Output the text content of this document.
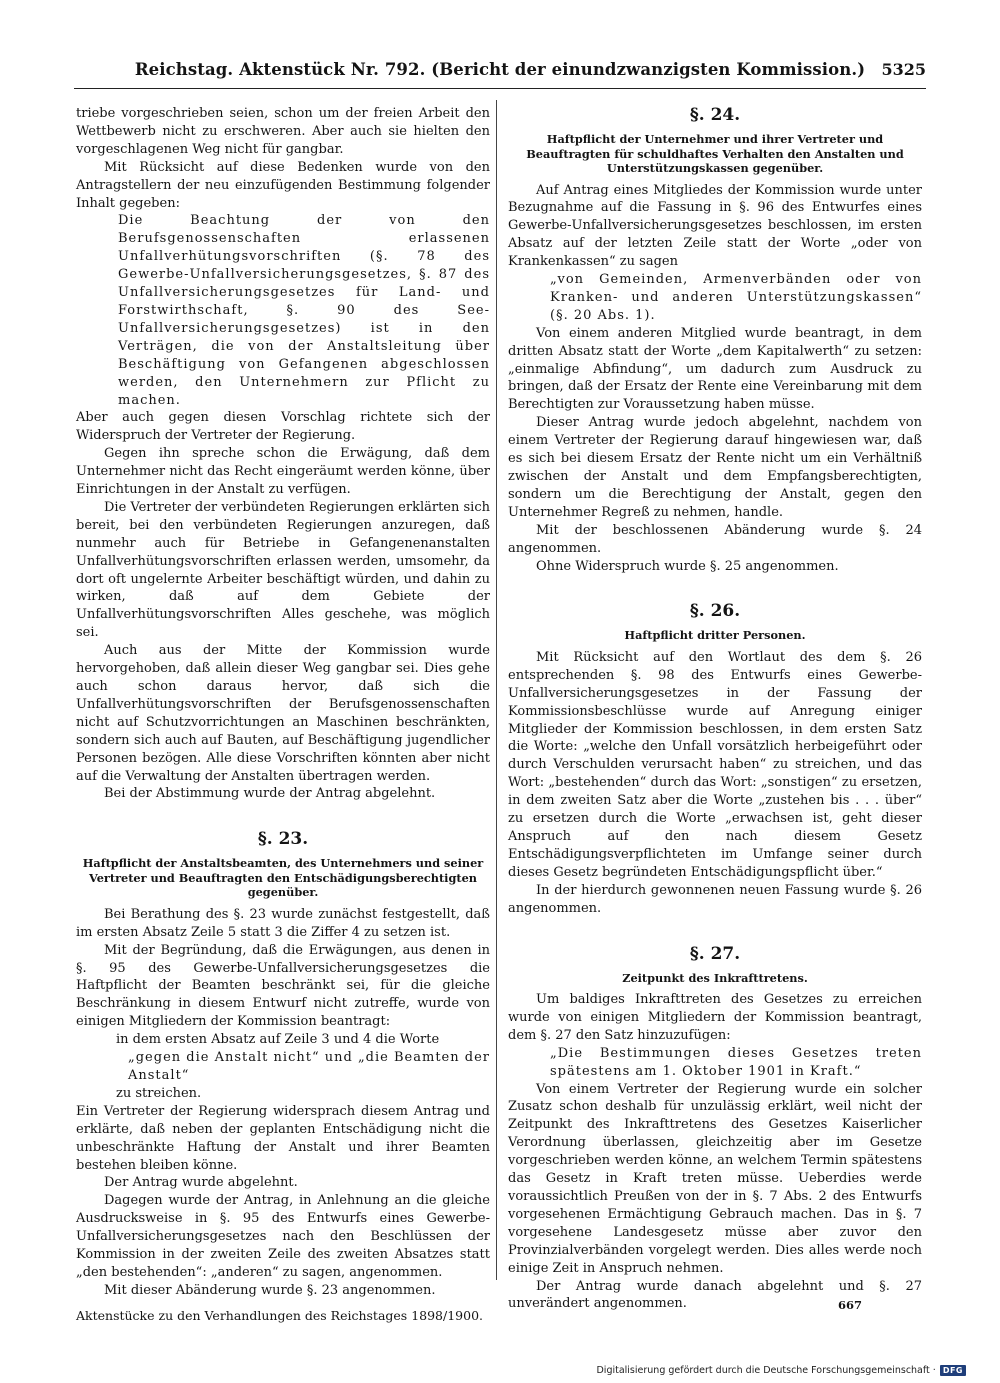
Reichstag. Aktenstück Nr. 792. (Bericht der einundzwanzigsten Kommission.)	5325

triebe vorgeschrieben seien, schon um der freien Arbeit den Wettbewerb nicht zu erschweren. Aber auch sie hielten den vorgeschlagenen Weg nicht für gangbar.

Mit Rücksicht auf diese Bedenken wurde von den Antragstellern der neu einzufügenden Bestimmung folgender Inhalt gegeben:

Die Beachtung der von den Berufsgenossenschaften erlassenen Unfallverhütungsvorschriften (§. 78 des Gewerbe-Unfallversicherungsgesetzes, §. 87 des Unfallversicherungsgesetzes für Land- und Forstwirthschaft, §. 90 des See-Unfallversicherungsgesetzes) ist in den Verträgen, die von der Anstaltsleitung über Beschäftigung von Gefangenen abgeschlossen werden, den Unternehmern zur Pflicht zu machen.

Aber auch gegen diesen Vorschlag richtete sich der Widerspruch der Vertreter der Regierung.

Gegen ihn spreche schon die Erwägung, daß dem Unternehmer nicht das Recht eingeräumt werden könne, über Einrichtungen in der Anstalt zu verfügen.

Die Vertreter der verbündeten Regierungen erklärten sich bereit, bei den verbündeten Regierungen anzuregen, daß nunmehr auch für Betriebe in Gefangenenanstalten Unfallverhütungsvorschriften erlassen werden, umsomehr, da dort oft ungelernte Arbeiter beschäftigt würden, und dahin zu wirken, daß auf dem Gebiete der Unfallverhütungsvorschriften Alles geschehe, was möglich sei.

Auch aus der Mitte der Kommission wurde hervorgehoben, daß allein dieser Weg gangbar sei. Dies gehe auch schon daraus hervor, daß sich die Unfallverhütungsvorschriften der Berufsgenossenschaften nicht auf Schutzvorrichtungen an Maschinen beschränkten, sondern sich auch auf Bauten, auf Beschäftigung jugendlicher Personen bezögen. Alle diese Vorschriften könnten aber nicht auf die Verwaltung der Anstalten übertragen werden.

Bei der Abstimmung wurde der Antrag abgelehnt.

§. 23.
Haftpflicht der Anstaltsbeamten, des Unternehmers und seiner Vertreter und Beauftragten den Entschädigungsberechtigten gegenüber.

Bei Berathung des §. 23 wurde zunächst festgestellt, daß im ersten Absatz Zeile 5 statt 3 die Ziffer 4 zu setzen ist.

Mit der Begründung, daß die Erwägungen, aus denen in §. 95 des Gewerbe-Unfallversicherungsgesetzes die Haftpflicht der Beamten beschränkt sei, für die gleiche Beschränkung in diesem Entwurf nicht zutreffe, wurde von einigen Mitgliedern der Kommission beantragt:

in dem ersten Absatz auf Zeile 3 und 4 die Worte

„gegen die Anstalt nicht“ und „die Beamten der Anstalt“

zu streichen.

Ein Vertreter der Regierung widersprach diesem Antrag und erklärte, daß neben der geplanten Entschädigung nicht die unbeschränkte Haftung der Anstalt und ihrer Beamten bestehen bleiben könne.

Der Antrag wurde abgelehnt.

Dagegen wurde der Antrag, in Anlehnung an die gleiche Ausdrucksweise in §. 95 des Entwurfs eines Gewerbe-Unfallversicherungsgesetzes nach den Beschlüssen der Kommission in der zweiten Zeile des zweiten Absatzes statt „den bestehenden“: „anderen“ zu sagen, angenommen.

Mit dieser Abänderung wurde §. 23 angenommen.

Aktenstücke zu den Verhandlungen des Reichstages 1898/1900.
§. 24.
Haftpflicht der Unternehmer und ihrer Vertreter und Beauftragten für schuldhaftes Verhalten den Anstalten und Unterstützungskassen gegenüber.

Auf Antrag eines Mitgliedes der Kommission wurde unter Bezugnahme auf die Fassung in §. 96 des Entwurfes eines Gewerbe-Unfallversicherungsgesetzes beschlossen, im ersten Absatz auf der letzten Zeile statt der Worte „oder von Krankenkassen“ zu sagen

„von Gemeinden, Armenverbänden oder von Kranken- und anderen Unterstützungskassen“ (§. 20 Abs. 1).

Von einem anderen Mitglied wurde beantragt, in dem dritten Absatz statt der Worte „dem Kapitalwerth“ zu setzen: „einmalige Abfindung“, um dadurch zum Ausdruck zu bringen, daß der Ersatz der Rente eine Vereinbarung mit dem Berechtigten zur Voraussetzung haben müsse.

Dieser Antrag wurde jedoch abgelehnt, nachdem von einem Vertreter der Regierung darauf hingewiesen war, daß es sich bei diesem Ersatz der Rente nicht um ein Verhältniß zwischen der Anstalt und dem Empfangsberechtigten, sondern um die Berechtigung der Anstalt, gegen den Unternehmer Regreß zu nehmen, handle.

Mit der beschlossenen Abänderung wurde §. 24 angenommen.

Ohne Widerspruch wurde §. 25 angenommen.

§. 26.
Haftpflicht dritter Personen.

Mit Rücksicht auf den Wortlaut des dem §. 26 entsprechenden §. 98 des Entwurfs eines Gewerbe-Unfallversicherungsgesetzes in der Fassung der Kommissionsbeschlüsse wurde auf Anregung einiger Mitglieder der Kommission beschlossen, in dem ersten Satz die Worte: „welche den Unfall vorsätzlich herbeigeführt oder durch Verschulden verursacht haben“ zu streichen, und das Wort: „bestehenden“ durch das Wort: „sonstigen“ zu ersetzen, in dem zweiten Satz aber die Worte „zustehen bis . . . über“ zu ersetzen durch die Worte „erwachsen ist, geht dieser Anspruch auf den nach diesem Gesetz Entschädigungsverpflichteten im Umfange seiner durch dieses Gesetz begründeten Entschädigungspflicht über.“

In der hierdurch gewonnenen neuen Fassung wurde §. 26 angenommen.

§. 27.
Zeitpunkt des Inkrafttretens.

Um baldiges Inkrafttreten des Gesetzes zu erreichen wurde von einigen Mitgliedern der Kommission beantragt, dem §. 27 den Satz hinzuzufügen:

„Die Bestimmungen dieses Gesetzes treten spätestens am 1. Oktober 1901 in Kraft.“

Von einem Vertreter der Regierung wurde ein solcher Zusatz schon deshalb für unzulässig erklärt, weil nicht der Zeitpunkt des Inkrafttretens des Gesetzes Kaiserlicher Verordnung überlassen, gleichzeitig aber im Gesetze vorgeschrieben werden könne, an welchem Termin spätestens das Gesetz in Kraft treten müsse. Ueberdies werde voraussichtlich Preußen von der in §. 7 Abs. 2 des Entwurfs vorgesehenen Ermächtigung Gebrauch machen. Das in §. 7 vorgesehene Landesgesetz müsse aber zuvor den Provinzialverbänden vorgelegt werden. Dies alles werde noch einige Zeit in Anspruch nehmen.

Der Antrag wurde danach abgelehnt und §. 27 unverändert angenommen.	667
Digitalisierung gefördert durch die Deutsche Forschungsgemeinschaft · DFG
